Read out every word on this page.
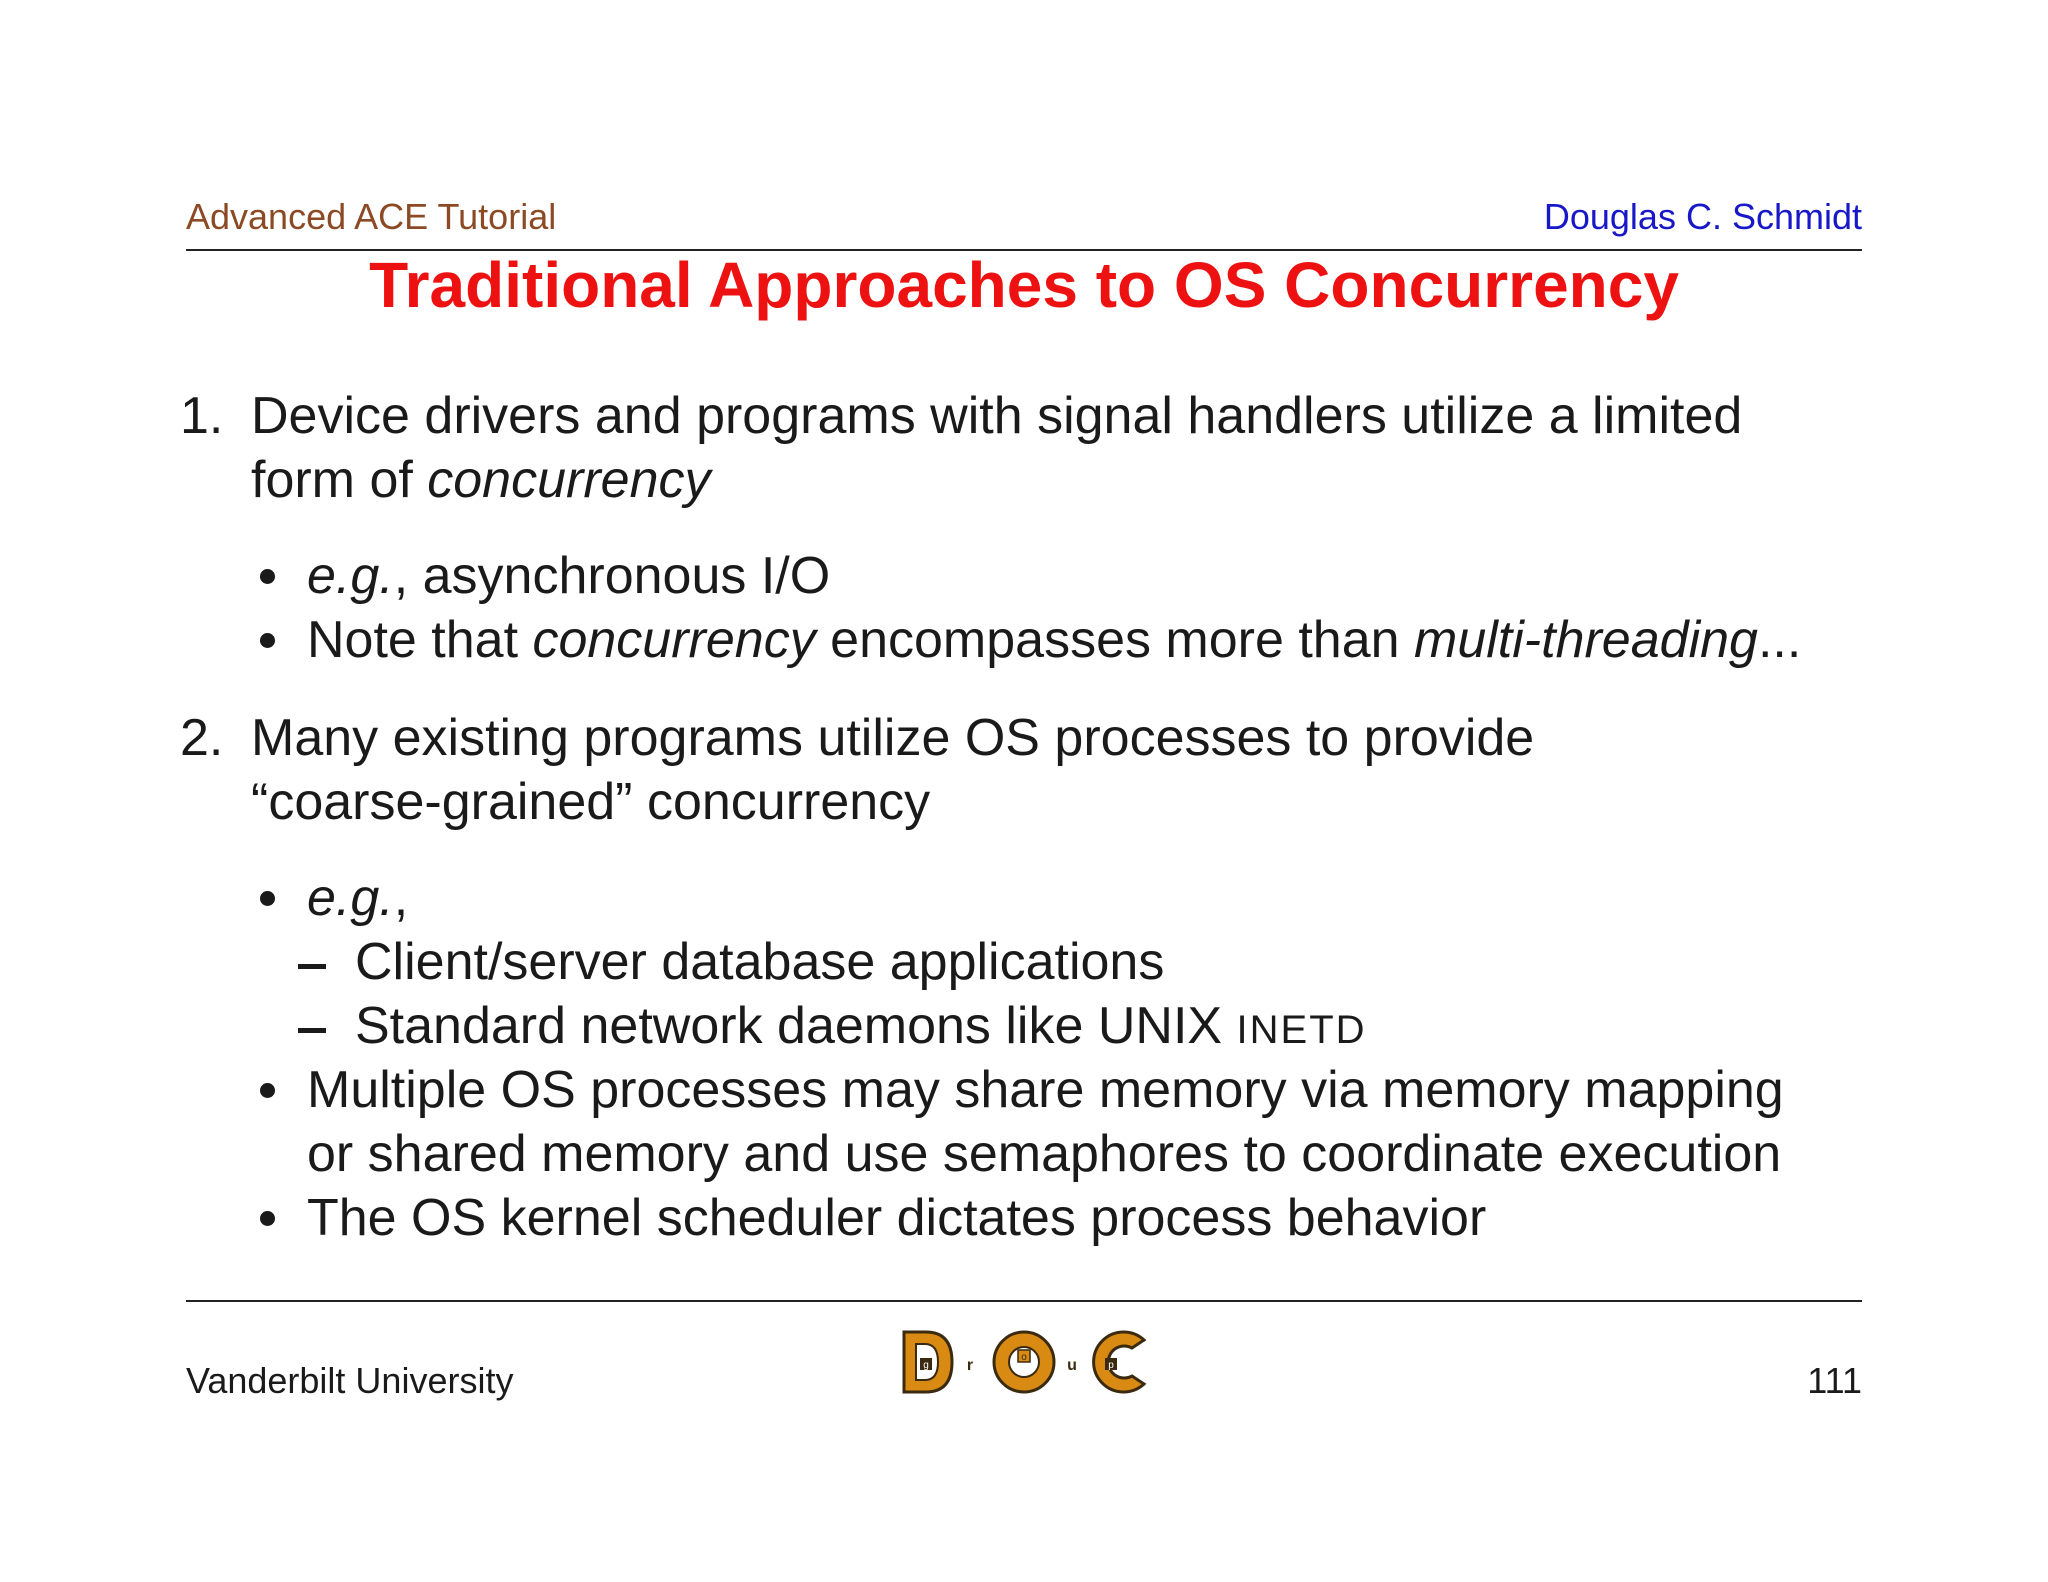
Advanced ACE Tutorial	Douglas C. Schmidt
Traditional Approaches to OS Concurrency
1. Device drivers and programs with signal handlers utilize a limited
form of concurrency
e.g., asynchronous I/O
Note that concurrency encompasses more than multi-threading...
2. Many existing programs utilize OS processes to provide
“coarse-grained” concurrency
e.g.,
Client/server database applications
Standard network daemons like UNIX INETD
Multiple OS processes may share memory via memory mapping
or shared memory and use semaphores to coordinate execution
The OS kernel scheduler dictates process behavior
Vanderbilt University	g r	o	u	p	111
